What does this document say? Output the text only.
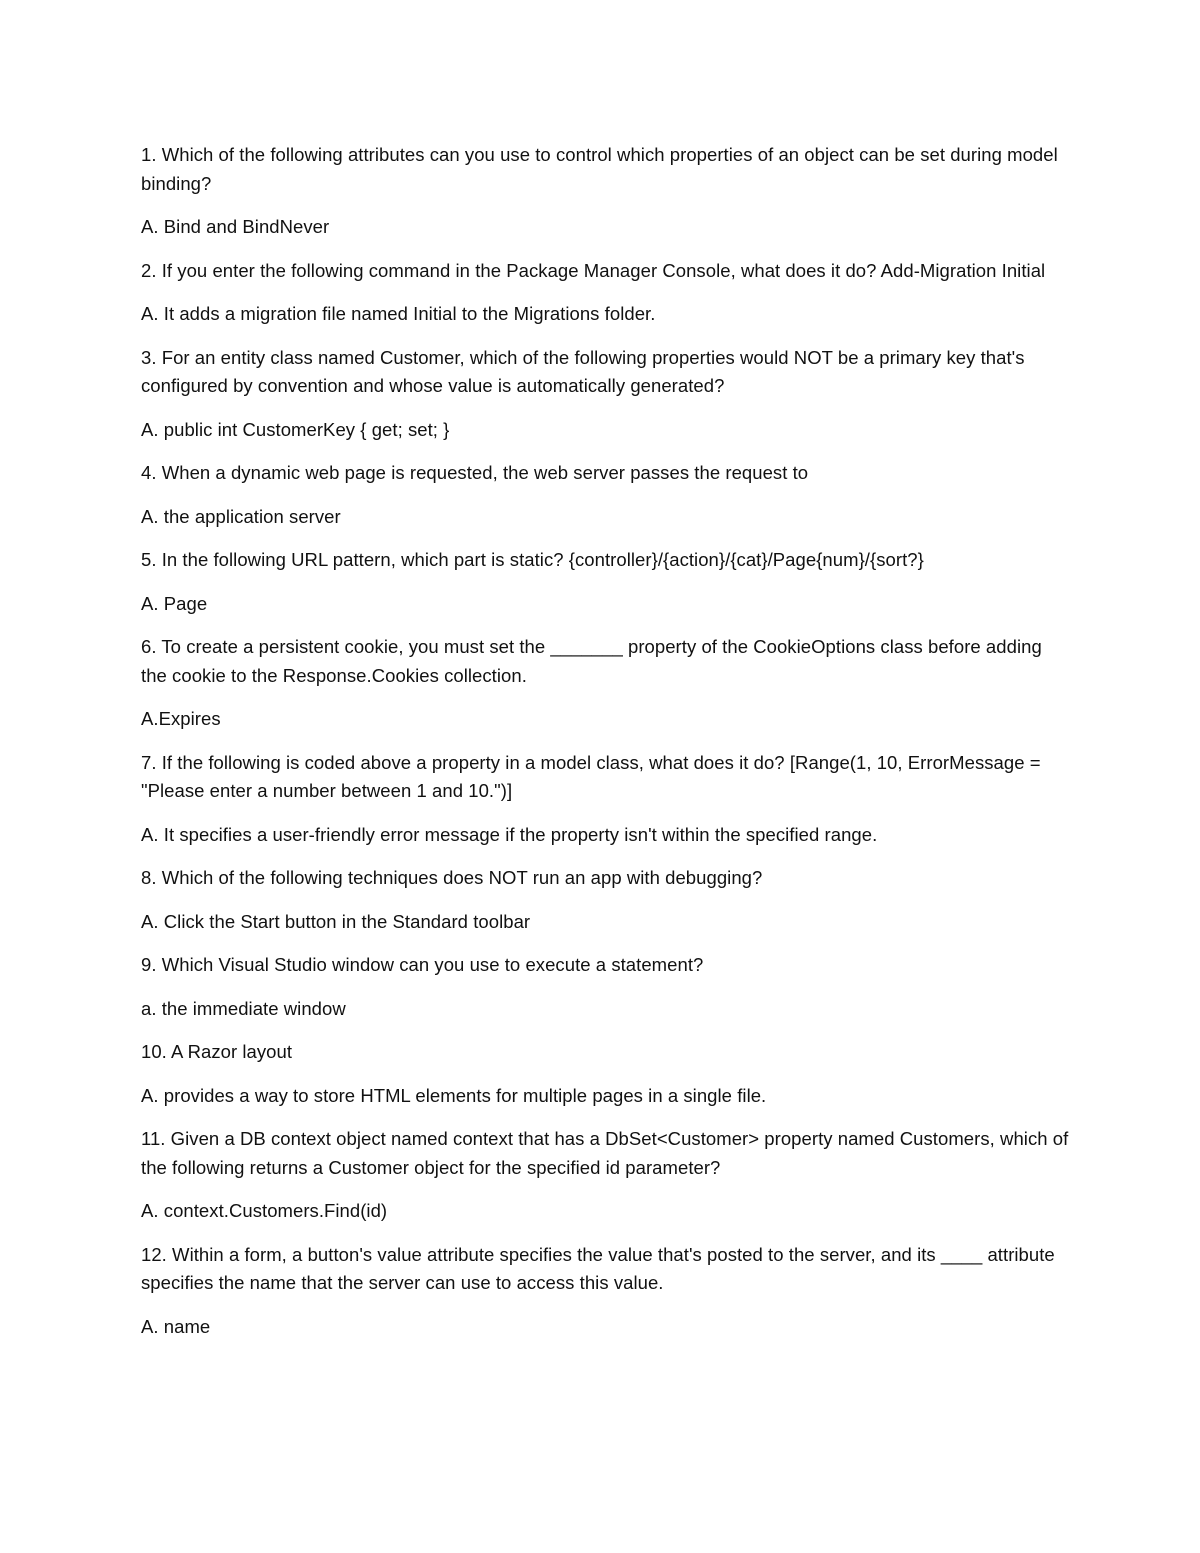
1. Which of the following attributes can you use to control which properties of an object can be set during model binding?

A. Bind and BindNever

2. If you enter the following command in the Package Manager Console, what does it do? Add-Migration Initial

A. It adds a migration file named Initial to the Migrations folder.

3. For an entity class named Customer, which of the following properties would NOT be a primary key that's configured by convention and whose value is automatically generated?

A. public int CustomerKey { get; set; }

4. When a dynamic web page is requested, the web server passes the request to

A. the application server

5. In the following URL pattern, which part is static? {controller}/{action}/{cat}/Page{num}/{sort?}

A. Page

6. To create a persistent cookie, you must set the _______ property of the CookieOptions class before adding the cookie to the Response.Cookies collection.

A.Expires

7. If the following is coded above a property in a model class, what does it do? [Range(1, 10, ErrorMessage = "Please enter a number between 1 and 10.")]

A. It specifies a user-friendly error message if the property isn't within the specified range.

8. Which of the following techniques does NOT run an app with debugging?

A. Click the Start button in the Standard toolbar

9. Which Visual Studio window can you use to execute a statement?

a. the immediate window

10. A Razor layout

A. provides a way to store HTML elements for multiple pages in a single file.

11. Given a DB context object named context that has a DbSet<Customer> property named Customers, which of the following returns a Customer object for the specified id parameter?

A. context.Customers.Find(id)

12. Within a form, a button's value attribute specifies the value that's posted to the server, and its ____ attribute specifies the name that the server can use to access this value.

A. name
